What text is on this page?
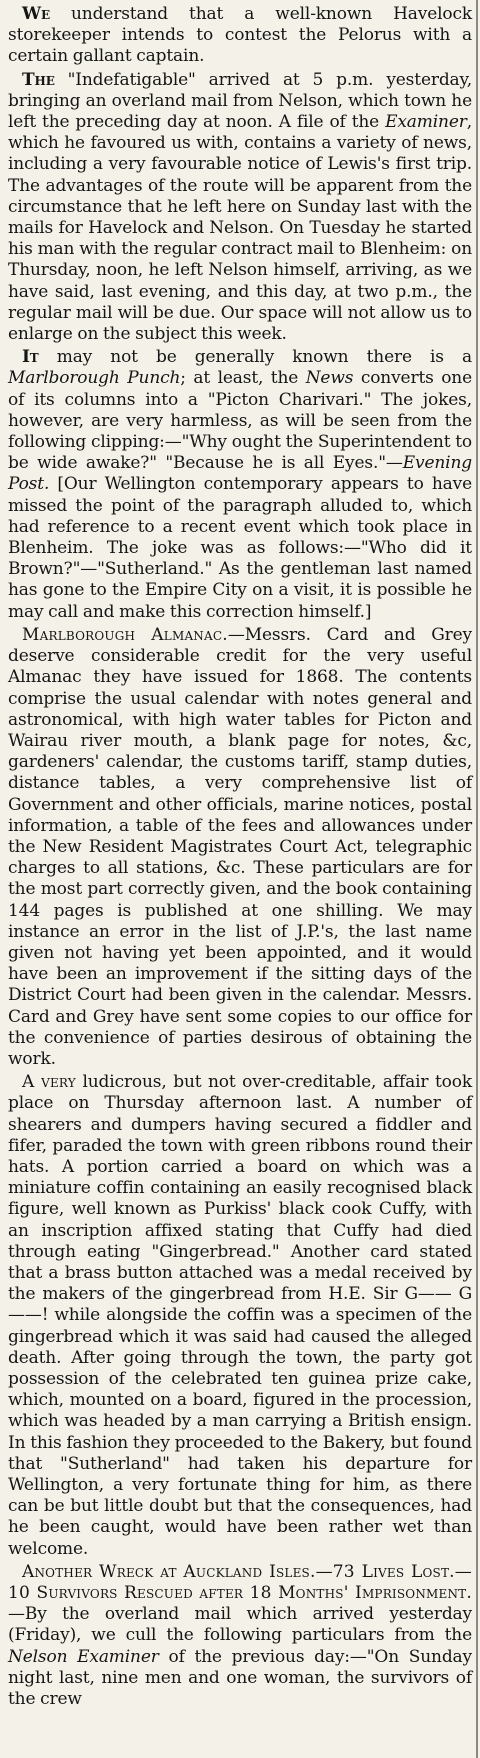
We understand that a well-known Havelock storekeeper intends to contest the Pelorus with a certain gallant captain.

The "Indefatigable" arrived at 5 p.m. yesterday, bringing an overland mail from Nelson, which town he left the preceding day at noon. A file of the Examiner, which he favoured us with, contains a variety of news, including a very favourable notice of Lewis's first trip. The advantages of the route will be apparent from the circumstance that he left here on Sunday last with the mails for Havelock and Nelson. On Tuesday he started his man with the regular contract mail to Blenheim: on Thursday, noon, he left Nelson himself, arriving, as we have said, last evening, and this day, at two p.m., the regular mail will be due. Our space will not allow us to enlarge on the subject this week.

It may not be generally known there is a Marlborough Punch; at least, the News converts one of its columns into a "Picton Charivari." The jokes, however, are very harmless, as will be seen from the following clipping:—"Why ought the Superintendent to be wide awake?" "Because he is all Eyes."—Evening Post. [Our Wellington contemporary appears to have missed the point of the paragraph alluded to, which had reference to a recent event which took place in Blenheim. The joke was as follows:—"Who did it Brown?"—"Sutherland." As the gentleman last named has gone to the Empire City on a visit, it is possible he may call and make this correction himself.]

Marlborough Almanac.—Messrs. Card and Grey deserve considerable credit for the very useful Almanac they have issued for 1868. The contents comprise the usual calendar with notes general and astronomical, with high water tables for Picton and Wairau river mouth, a blank page for notes, &c, gardeners' calendar, the customs tariff, stamp duties, distance tables, a very comprehensive list of Government and other officials, marine notices, postal information, a table of the fees and allowances under the New Resident Magistrates Court Act, telegraphic charges to all stations, &c. These particulars are for the most part correctly given, and the book containing 144 pages is published at one shilling. We may instance an error in the list of J.P.'s, the last name given not having yet been appointed, and it would have been an improvement if the sitting days of the District Court had been given in the calendar. Messrs. Card and Grey have sent some copies to our office for the convenience of parties desirous of obtaining the work.

A very ludicrous, but not over-creditable, affair took place on Thursday afternoon last. A number of shearers and dumpers having secured a fiddler and fifer, paraded the town with green ribbons round their hats. A portion carried a board on which was a miniature coffin containing an easily recognised black figure, well known as Purkiss' black cook Cuffy, with an inscription affixed stating that Cuffy had died through eating "Gingerbread." Another card stated that a brass button attached was a medal received by the makers of the gingerbread from H.E. Sir G—— G——! while alongside the coffin was a specimen of the gingerbread which it was said had caused the alleged death. After going through the town, the party got possession of the celebrated ten guinea prize cake, which, mounted on a board, figured in the procession, which was headed by a man carrying a British ensign. In this fashion they proceeded to the Bakery, but found that "Sutherland" had taken his departure for Wellington, a very fortunate thing for him, as there can be but little doubt but that the consequences, had he been caught, would have been rather wet than welcome.

Another Wreck at Auckland Isles.—73 Lives Lost.—10 Survivors Rescued after 18 Months' Imprisonment.—By the overland mail which arrived yesterday (Friday), we cull the following particulars from the Nelson Examiner of the previous day:—"On Sunday night last, nine men and one woman, the survivors of the crew
